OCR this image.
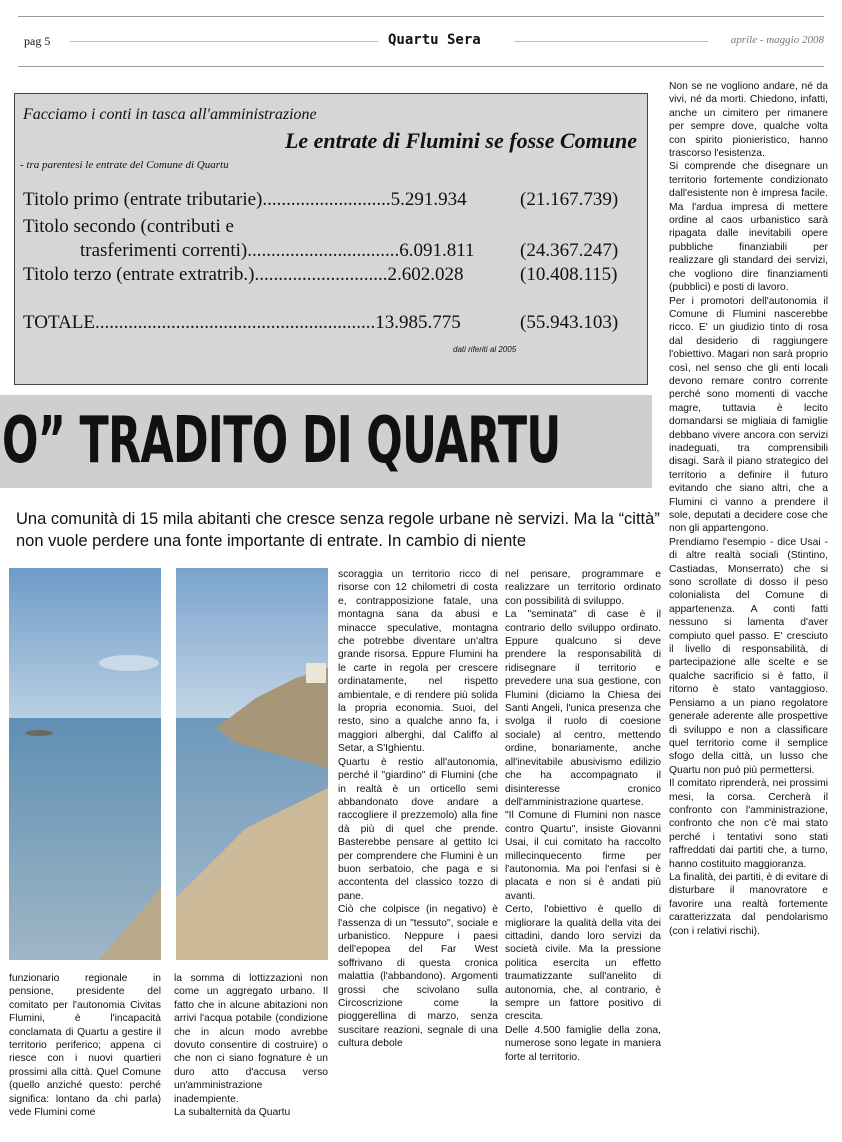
pag 5	Quartu Sera	aprile - maggio 2008
Facciamo i conti in tasca all'amministrazione
Le entrate di Flumini se fosse Comune
- tra parentesi le entrate del Comune di Quartu
Titolo primo (entrate tributarie)...........................5.291.934	(21.167.739)
Titolo secondo (contributi e
trasferimenti correnti)................................6.091.811 (24.367.247)
Titolo terzo (entrate extratrib.)............................2.602.028	(10.408.115)
TOTALE...........................................................13.985.775	(55.943.103)
dati riferiti al 2005
O” TRADITO DI QUARTU
Una comunità di 15 mila abitanti che cresce senza regole urbane nè servizi. Ma la “città” non vuole perdere una fonte importante di entrate. In cambio di niente

funzionario regionale in pensione, presidente del comitato per l'autonomia Civitas Flumini, è l'incapacità conclamata di Quartu a gestire il territorio periferico; appena ci riesce con i nuovi quartieri prossimi alla città. Quel Comune (quello anziché questo: perché significa: lontano da chi parla) vede Flumini come

la somma di lottizzazioni non come un aggregato urbano. Il fatto che in alcune abitazioni non arrivi l'acqua potabile (condizione che in alcun modo avrebbe dovuto consentire di costruire) o che non ci siano fognature è un duro atto d'accusa verso un'amministrazione inadempiente.
La subalternità da Quartu

scoraggia un territorio ricco di risorse con 12 chilometri di costa e, contrapposizione fatale, una montagna sana da abusi e minacce speculative, montagna che potrebbe diventare un'altra grande risorsa. Eppure Flumini ha le carte in regola per crescere ordinatamente, nel rispetto ambientale, e di rendere più solida la propria economia. Suoi, del resto, sino a qualche anno fa, i maggiori alberghi, dal Califfo al Setar, a S'Ighientu.
Quartu è restio all'autonomia, perché il "giardino" di Flumini (che in realtà è un orticello semi abbandonato dove andare a raccogliere il prezzemolo) alla fine dà più di quel che prende. Basterebbe pensare al gettito Ici per comprendere che Flumini è un buon serbatoio, che paga e si accontenta del classico tozzo di pane.
Ciò che colpisce (in negativo) è l'assenza di un "tessuto", sociale e urbanistico. Neppure i paesi dell'epopea del Far West soffrivano di questa cronica malattia (l'abbandono). Argomenti grossi che scivolano sulla Circoscrizione come la pioggerellina di marzo, senza suscitare reazioni, segnale di una cultura debole

nel pensare, programmare e realizzare un territorio ordinato con possibilità di sviluppo.
La "seminata" di case è il contrario dello sviluppo ordinato. Eppure qualcuno si deve prendere la responsabilità di ridisegnare il territorio e prevedere una sua gestione, con Flumini (diciamo la Chiesa dei Santi Angeli, l'unica presenza che svolga il ruolo di coesione sociale) al centro, mettendo ordine, bonariamente, anche all'inevitabile abusivismo edilizio che ha accompagnato il disinteresse cronico dell'amministrazione quartese.
"Il Comune di Flumini non nasce contro Quartu", insiste Giovanni Usai, il cui comitato ha raccolto millecinquecento firme per l'autonomia. Ma poi l'enfasi si è placata e non si è andati più avanti.
Certo, l'obiettivo è quello di migliorare la qualità della vita dei cittadini, dando loro servizi da società civile. Ma la pressione politica esercita un effetto traumatizzante sull'anelito di autonomia, che, al contrario, è sempre un fattore positivo di crescita.
Delle 4.500 famiglie della zona, numerose sono legate in maniera forte al territorio.

Non se ne vogliono andare, né da vivi, né da morti. Chiedono, infatti, anche un cimitero per rimanere per sempre dove, qualche volta con spirito pionieristico, hanno trascorso l'esistenza.
Si comprende che disegnare un territorio fortemente condizionato dall'esistente non è impresa facile. Ma l'ardua impresa di mettere ordine al caos urbanistico sarà ripagata dalle inevitabili opere pubbliche finanziabili per realizzare gli standard dei servizi, che vogliono dire finanziamenti (pubblici) e posti di lavoro.
Per i promotori dell'autonomia il Comune di Flumini nascerebbe ricco. E' un giudizio tinto di rosa dal desiderio di raggiungere l'obiettivo. Magari non sarà proprio così, nel senso che gli enti locali devono remare contro corrente perché sono momenti di vacche magre, tuttavia è lecito domandarsi se migliaia di famiglie debbano vivere ancora con servizi inadeguati, tra comprensibili disagi. Sarà il piano strategico del territorio a definire il futuro evitando che siano altri, che a Flumini ci vanno a prendere il sole, deputati a decidere cose che non gli appartengono.
Prendiamo l'esempio - dice Usai - di altre realtà sociali (Stintino, Castiadas, Monserrato) che si sono scrollate di dosso il peso colonialista del Comune di appartenenza. A conti fatti nessuno si lamenta d'aver compiuto quel passo. E' cresciuto il livello di responsabilità, di partecipazione alle scelte e se qualche sacrificio si è fatto, il ritorno è stato vantaggioso. Pensiamo a un piano regolatore generale aderente alle prospettive di sviluppo e non a classificare quel territorio come il semplice sfogo della città, un lusso che Quartu non può più permettersi.
Il comitato riprenderà, nei prossimi mesi, la corsa. Cercherà il confronto con l'amministrazione, confronto che non c'è mai stato perché i tentativi sono stati raffreddati dai partiti che, a turno, hanno costituito maggioranza.
La finalità, dei partiti, è di evitare di disturbare il manovratore e favorire una realtà fortemente caratterizzata dal pendolarismo (con i relativi rischi).
